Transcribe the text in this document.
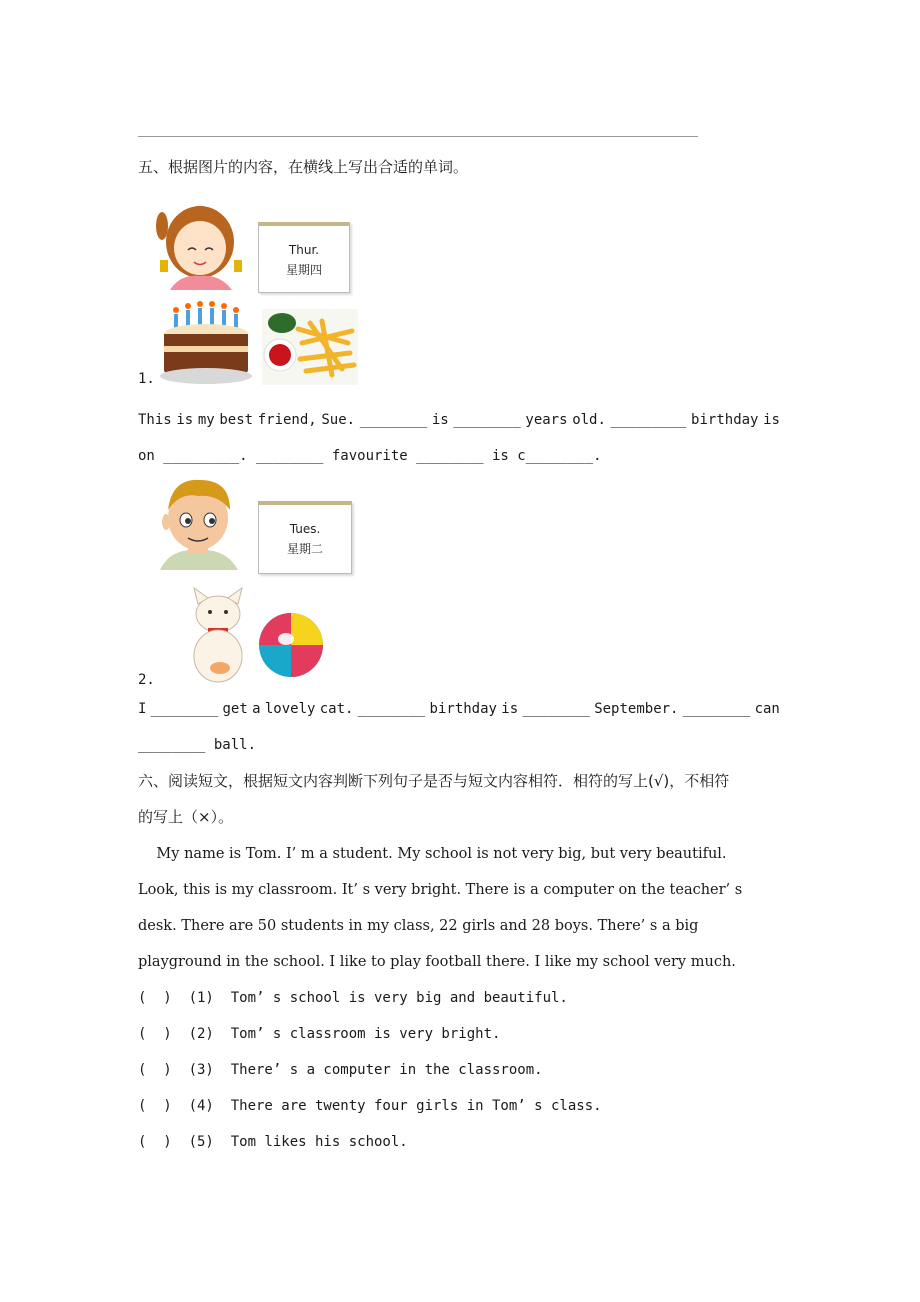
五、根据图片的内容，在横线上写出合适的单词。
Thur.
星期四
1.
This is my best friend, Sue. ________ is ________ years old. _________ birthday is
on _________. ________ favourite ________ is c________.
Tues.
星期二
2.
I ________ get a lovely cat. ________ birthday is ________ September. ________ can
________ ball.
六、阅读短文，根据短文内容判断下列句子是否与短文内容相符．相符的写上(√)，不相符
的写上（×）。
My name is Tom. I’ m a student. My school is not very big, but very beautiful.
Look, this is my classroom. It’ s very bright. There is a computer on the teacher’ s
desk. There are 50 students in my class, 22 girls and 28 boys. There’ s a big
playground in the school. I like to play football there. I like my school very much.
(  )  (1)  Tom’ s school is very big and beautiful.
(  )  (2)  Tom’ s classroom is very bright.
(  )  (3)  There’ s a computer in the classroom.
(  )  (4)  There are twenty four girls in Tom’ s class.
(  )  (5)  Tom likes his school.
